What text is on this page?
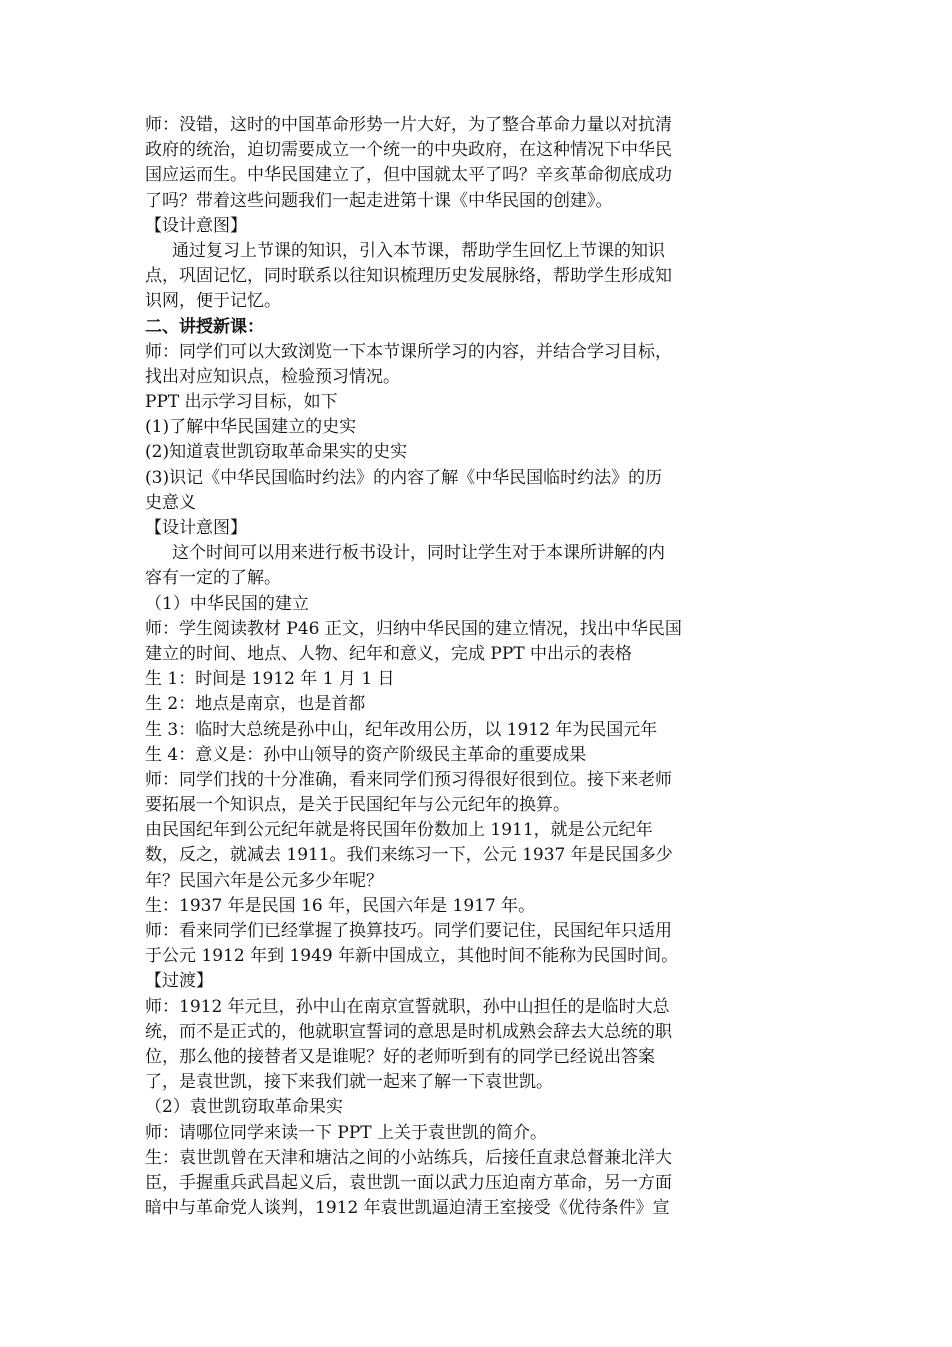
师：没错，这时的中国革命形势一片大好，为了整合革命力量以对抗清
政府的统治，迫切需要成立一个统一的中央政府，在这种情况下中华民
国应运而生。中华民国建立了，但中国就太平了吗？辛亥革命彻底成功
了吗？带着这些问题我们一起走进第十课《中华民国的创建》。
【设计意图】
通过复习上节课的知识，引入本节课，帮助学生回忆上节课的知识
点，巩固记忆，同时联系以往知识梳理历史发展脉络，帮助学生形成知
识网，便于记忆。
二、讲授新课：
师：同学们可以大致浏览一下本节课所学习的内容，并结合学习目标，
找出对应知识点，检验预习情况。
PPT 出示学习目标，如下
(1)了解中华民国建立的史实
(2)知道袁世凯窃取革命果实的史实
(3)识记《中华民国临时约法》的内容了解《中华民国临时约法》的历
史意义
【设计意图】
这个时间可以用来进行板书设计，同时让学生对于本课所讲解的内
容有一定的了解。
（1）中华民国的建立
师：学生阅读教材 P46 正文，归纳中华民国的建立情况，找出中华民国
建立的时间、地点、人物、纪年和意义，完成 PPT 中出示的表格
生 1：时间是 1912 年 1 月 1 日
生 2：地点是南京，也是首都
生 3：临时大总统是孙中山，纪年改用公历，以 1912 年为民国元年
生 4：意义是：孙中山领导的资产阶级民主革命的重要成果
师：同学们找的十分准确，看来同学们预习得很好很到位。接下来老师
要拓展一个知识点，是关于民国纪年与公元纪年的换算。
由民国纪年到公元纪年就是将民国年份数加上 1911，就是公元纪年
数，反之，就减去 1911。我们来练习一下，公元 1937 年是民国多少
年？民国六年是公元多少年呢？
生：1937 年是民国 16 年，民国六年是 1917 年。
师：看来同学们已经掌握了换算技巧。同学们要记住，民国纪年只适用
于公元 1912 年到 1949 年新中国成立，其他时间不能称为民国时间。
【过渡】
师：1912 年元旦，孙中山在南京宣誓就职，孙中山担任的是临时大总
统，而不是正式的，他就职宣誓词的意思是时机成熟会辞去大总统的职
位，那么他的接替者又是谁呢？好的老师听到有的同学已经说出答案
了，是袁世凯，接下来我们就一起来了解一下袁世凯。
（2）袁世凯窃取革命果实
师：请哪位同学来读一下 PPT 上关于袁世凯的简介。
生：袁世凯曾在天津和塘沽之间的小站练兵，后接任直隶总督兼北洋大
臣，手握重兵武昌起义后，袁世凯一面以武力压迫南方革命，另一方面
暗中与革命党人谈判，1912 年袁世凯逼迫清王室接受《优待条件》宣
